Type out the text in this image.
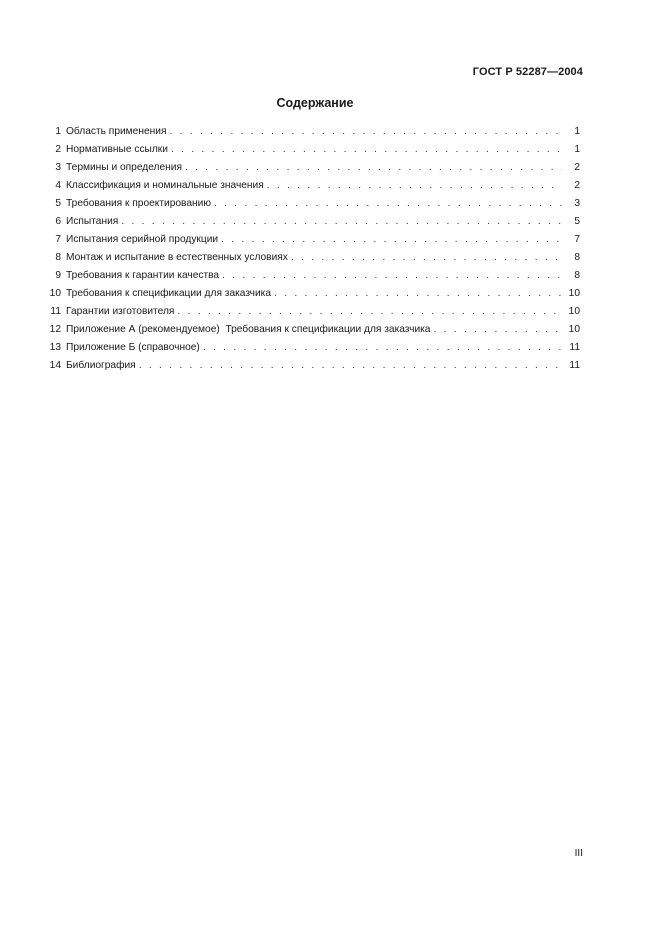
ГОСТ Р 52287—2004
Содержание
1 Область применения . . .	1
2 Нормативные ссылки . . .	1
3 Термины и определения . . .	2
4 Классификация и номинальные значения . . .	2
5 Требования к проектированию . . .	3
6 Испытания . . .	5
7 Испытания серийной продукции . . .	7
8 Монтаж и испытание в естественных условиях . . .	8
9 Требования к гарантии качества . . .	8
10 Требования к спецификации для заказчика . . .	10
11 Гарантии изготовителя . . .	10
12 Приложение А (рекомендуемое)  Требования к спецификации для заказчика . . .	10
13 Приложение Б (справочное) . . .	11
14 Библиография . . .	11
III
